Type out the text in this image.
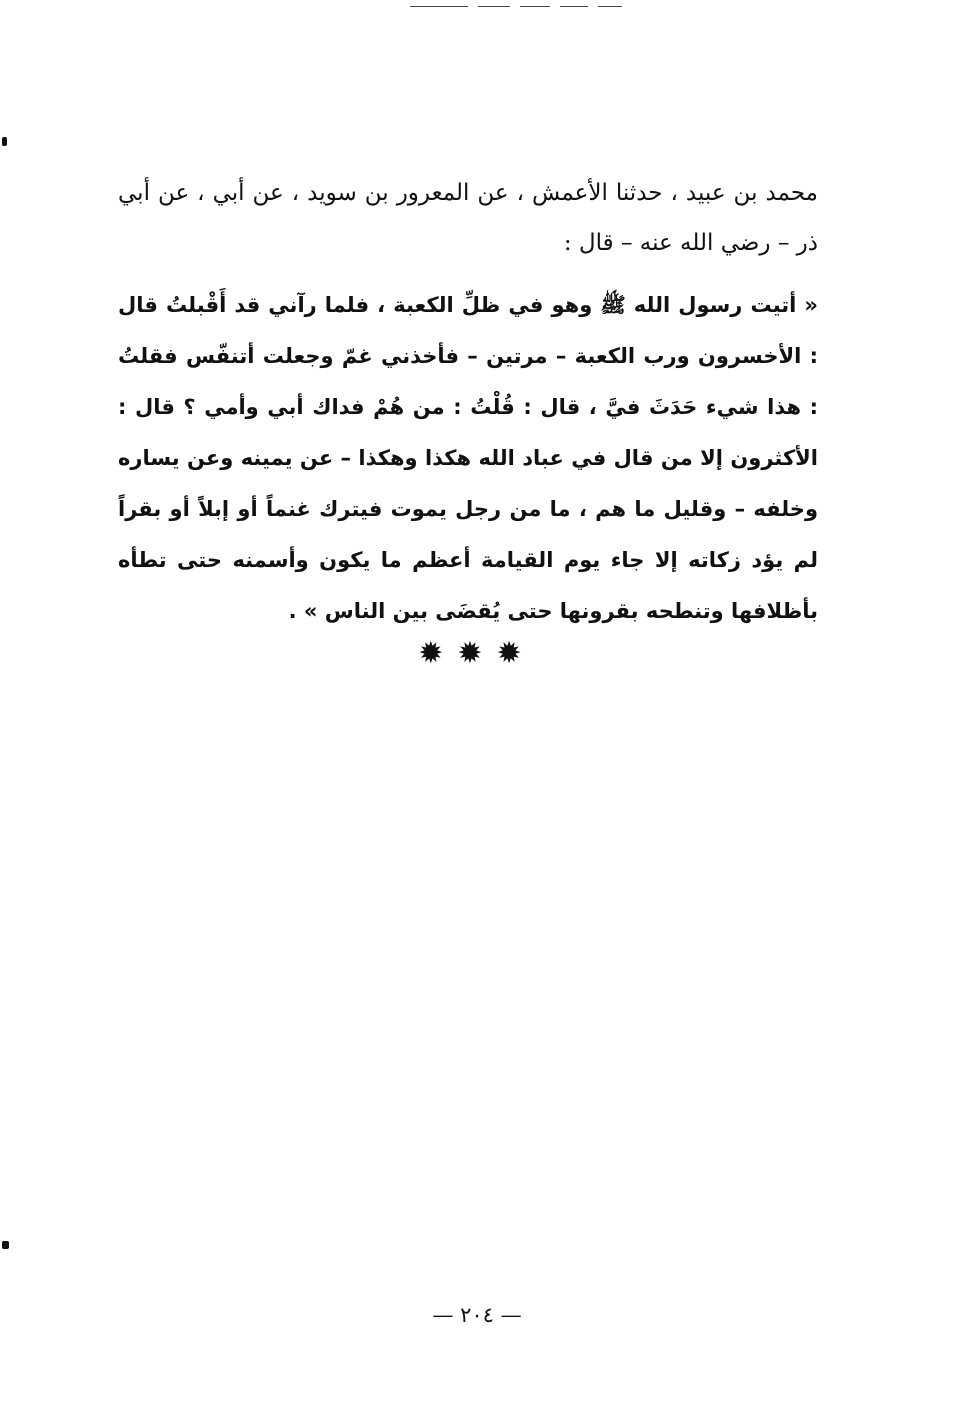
محمد بن عبيد ، حدثنا الأعمش ، عن المعرور بن سويد ، عن أبي ، عن أبي ذر – رضي الله عنه – قال :

« أتيت رسول الله ﷺ وهو في ظلِّ الكعبة ، فلما رآني قد أَقْبلتُ قال : الأخسرون ورب الكعبة – مرتين – فأخذني غمّ وجعلت أتنفّس فقلتُ : هذا شيء حَدَثَ فيَّ ، قال : قُلْتُ : من هُمْ فداك أبي وأمي ؟ قال : الأكثرون إلا من قال في عباد الله هكذا وهكذا – عن يمينه وعن يساره وخلفه – وقليل ما هم ، ما من رجل يموت فيترك غنماً أو إبلاً أو بقراً لم يؤد زكاته إلا جاء يوم القيامة أعظم ما يكون وأسمنه حتى تطأه بأظلافها وتنطحه بقرونها حتى يُقضَى بين الناس » .

✹✹✹
— ٢٠٤ —
